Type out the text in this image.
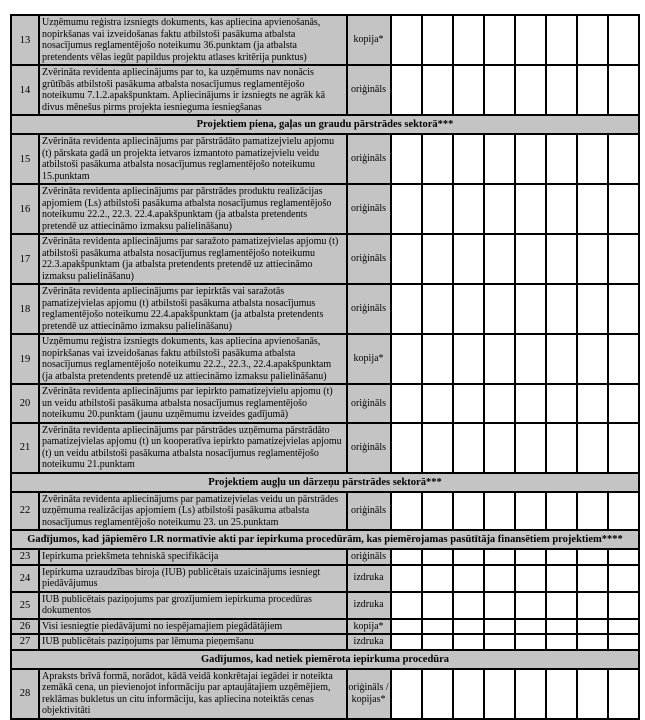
13	Uzņēmumu reģistra izsniegts dokuments, kas apliecina apvienošanās, nopirkšanas vai izveidošanas faktu atbilstoši pasākuma atbalsta nosacījumus reglamentējošo noteikumu 36.punktam (ja atbalsta pretendents vēlas iegūt papildus projektu atlases kritērija punktus)	kopija*								
14	Zvērināta revidenta apliecinājums par to, ka uzņēmums nav nonācis grūtībās atbilstoši pasākuma atbalsta nosacījumus reglamentējošo noteikumu 7.1.2.apakšpunktam. Apliecinājums ir izsniegts ne agrāk kā divus mēnešus pirms projekta iesnieguma iesniegšanas	oriģināls								
Projektiem piena, gaļas un graudu pārstrādes sektorā***										
15	Zvērināta revidenta apliecinājums par pārstrādāto pamatizejvielu apjomu (t) pārskata gadā un projekta ietvaros izmantoto pamatizejvielu veidu atbilstoši pasākuma atbalsta nosacījumus reglamentējošo noteikumu 15.punktam	oriģināls								
16	Zvērināta revidenta apliecinājums par pārstrādes produktu realizācijas apjomiem (Ls) atbilstoši pasākuma atbalsta nosacījumus reglamentējošo noteikumu 22.2., 22.3. 22.4.apakšpunktam (ja atbalsta pretendents pretendē uz attiecināmo izmaksu palielināšanu)	oriģināls								
17	Zvērināta revidenta apliecinājums par saražoto pamatizejvielas apjomu (t) atbilstoši pasākuma atbalsta nosacījumus reglamentējošo noteikumu 22.3.apakšpunktam (ja atbalsta pretendents pretendē uz attiecināmo izmaksu palielināšanu)	oriģināls								
18	Zvērināta revidenta apliecinājums par iepirktās vai saražotās pamatizejvielas apjomu (t) atbilstoši pasākuma atbalsta nosacījumus reglamentējošo noteikumu 22.4.apakšpunktam (ja atbalsta pretendents pretendē uz attiecināmo izmaksu palielināšanu)	oriģināls								
19	Uzņēmumu reģistra izsniegts dokuments, kas apliecina apvienošanās, nopirkšanas vai izveidošanas faktu atbilstoši pasākuma atbalsta nosacījumus reglamentējošo noteikumu 22.2., 22.3., 22.4.apakšpunktam (ja atbalsta pretendents pretendē uz attiecināmo izmaksu palielināšanu)	kopija*								
20	Zvērināta revidenta apliecinājums par iepirkto pamatizejvielu apjomu (t) un veidu atbilstoši pasākuma atbalsta nosacījumus reglamentējošo noteikumu 20.punktam (jaunu uzņēmumu izveides gadījumā)	oriģināls								
21	Zvērināta revidenta apliecinājums par pārstrādes uzņēmuma pārstrādāto pamatizejvielas apjomu (t) un kooperatīva iepirkto pamatizejvielas apjomu (t) un veidu atbilstoši pasākuma atbalsta nosacījumus reglamentējošo noteikumu 21.punktam	oriģināls								
Projektiem augļu un dārzeņu pārstrādes sektorā***										
22	Zvērināta revidenta apliecinājums par pamatizejvielas veidu un pārstrādes uzņēmuma realizācijas apjomiem (Ls) atbilstoši pasākuma atbalsta nosacījumus reglamentējošo noteikumu 23. un 25.punktam	oriģināls								
Gadījumos, kad jāpiemēro LR normatīvie akti par iepirkuma procedūrām, kas piemērojamas pasūtītāja finansētiem projektiem****										
23	Iepirkuma priekšmeta tehniskā specifikācija	oriģināls								
24	Iepirkuma uzraudzības biroja (IUB) publicētais uzaicinājums iesniegt piedāvājumus	izdruka								
25	IUB publicētais paziņojums par grozījumiem iepirkuma procedūras dokumentos	izdruka								
26	Visi iesniegtie piedāvājumi no iespējamajiem piegādātājiem	kopija*								
27	IUB publicētais paziņojums par lēmuma pieņemšanu	izdruka								
Gadījumos, kad netiek piemērota iepirkuma procedūra										
28	Apraksts brīvā formā, norādot, kādā veidā konkrētajai iegādei ir noteikta zemākā cena, un pievienojot informāciju par aptaujātajiem uzņēmējiem, reklāmas bukletus un citu informāciju, kas apliecina noteiktās cenas objektivitāti	oriģināls / kopijas*								
